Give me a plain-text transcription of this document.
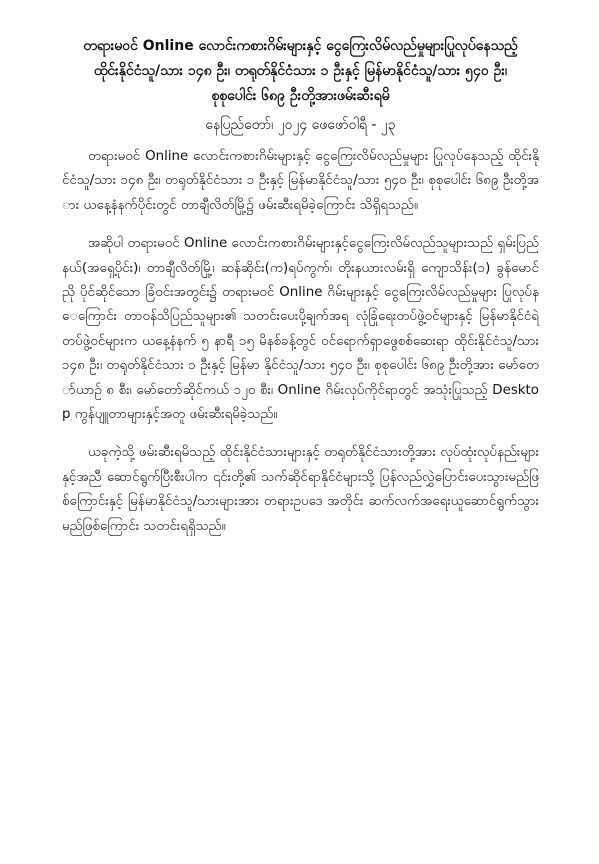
တရားမဝင် Online လောင်းကစားဂိမ်းများနှင့် ငွေကြေးလိမ်လည်မှုများပြုလုပ်နေသည့်

ထိုင်းနိုင်ငံသူ/သား ၁၄၈ ဦး၊ တရုတ်နိုင်ငံသား ၁ ဦးနှင့် မြန်မာနိုင်ငံသူ/သား ၅၄၀ ဦး၊

စုစုပေါင်း ၆၈၉ ဦးတို့အားဖမ်းဆီးရမိ

နေပြည်တော်၊ ၂၀၂၄ ဖေဖော်ဝါရီ - ၂၃

တရားမဝင် Online လောင်းကစားဂိမ်းများနှင့် ငွေကြေးလိမ်လည်မှုများ ပြုလုပ်နေသည့် ထိုင်းနိုင်ငံသူ/သား ၁၄၈ ဦး၊ တရုတ်နိုင်ငံသား ၁ ဦးနှင့် မြန်မာနိုင်ငံသူ/သား ၅၄၀ ဦး၊ စုစုပေါင်း ၆၈၉ ဦးတို့အား ယနေ့နံနက်ပိုင်းတွင် တာချီလိတ်မြို့၌ ဖမ်းဆီးရမိခဲ့ကြောင်း သိရှိရသည်။

အဆိုပါ တရားမဝင် Online လောင်းကစားဂိမ်းများနှင့်ငွေကြေးလိမ်လည်သူများသည် ရှမ်းပြည်နယ်(အရှေ့ပိုင်း)၊ တာချီလိတ်မြို့၊ ဆန်ဆိုင်း(က)ရပ်ကွက်၊ တိုးနယားလမ်းရှိ ကျောသိန်း(၁) ခွန်မောင်ညို ပိုင်ဆိုင်သော ခြံဝင်းအတွင်း၌ တရားမဝင် Online ဂိမ်းများနှင့် ငွေကြေးလိမ်လည်မှုများ ပြုလုပ်နေကြောင်း တာဝန်သိပြည်သူများ၏ သတင်းပေးပို့ချက်အရ လုံခြုံရေးတပ်ဖွဲ့ဝင်များနှင့် မြန်မာနိုင်ငံရဲတပ်ဖွဲ့ဝင်များက ယနေ့နံနက် ၅ နာရီ ၁၅ မိနစ်ခန့်တွင် ဝင်ရောက်ရှာဖွေစစ်ဆေးရာ ထိုင်းနိုင်ငံသူ/သား ၁၄၈ ဦး၊ တရုတ်နိုင်ငံသား ၁ ဦးနှင့် မြန်မာ နိုင်ငံသူ/သား ၅၄၀ ဦး၊ စုစုပေါင်း ၆၈၉ ဦးတို့အား မော်တော်ယာဉ် ၈ စီး၊ မော်တော်ဆိုင်ကယ် ၁၂၀ စီး၊ Online ဂိမ်းလုပ်ကိုင်ရာတွင် အသုံးပြုသည့် Desktop ကွန်ပျူတာများနှင့်အတူ ဖမ်းဆီးရမိခဲ့သည်။

ယခုကဲ့သို့ ဖမ်းဆီးရမိသည့် ထိုင်းနိုင်ငံသားများနှင့် တရုတ်နိုင်ငံသားတို့အား လုပ်ထုံးလုပ်နည်းများနှင့်အညီ ဆောင်ရွက်ပြီးစီးပါက ၎င်းတို့၏ သက်ဆိုင်ရာနိုင်ငံများသို့ ပြန်လည်လွှဲပြောင်းပေးသွားမည်ဖြစ်ကြောင်းနှင့် မြန်မာနိုင်ငံသူ/သားများအား တရားဥပဒေ အတိုင်း ဆက်လက်အရေးယူဆောင်ရွက်သွားမည်ဖြစ်ကြောင်း သတင်းရရှိသည်။
